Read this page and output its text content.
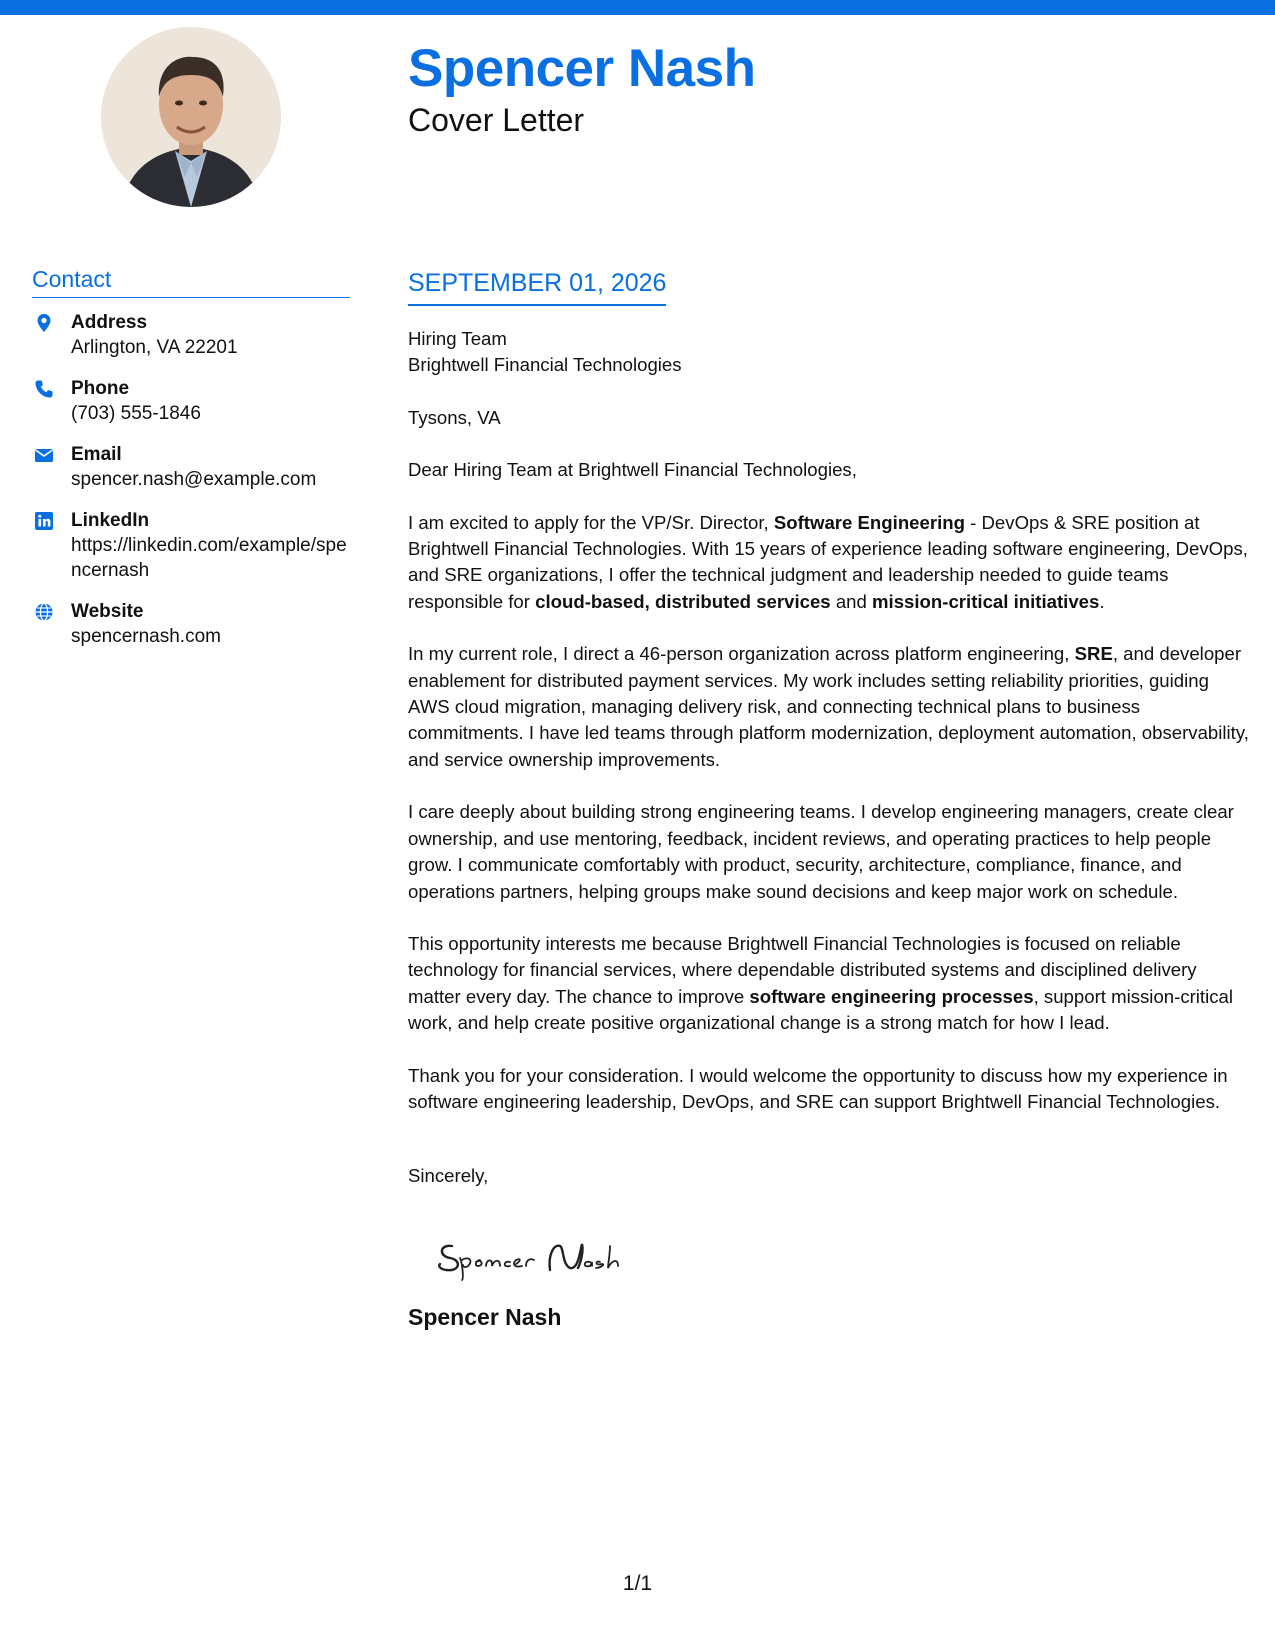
Spencer Nash
Cover Letter
Contact
Address
Arlington, VA 22201
Phone
(703) 555-1846
Email
spencer.nash@example.com
LinkedIn
https://linkedin.com/example/spencernash
Website
spencernash.com
SEPTEMBER 01, 2026

Hiring Team

Brightwell Financial Technologies

Tysons, VA

Dear Hiring Team at Brightwell Financial Technologies,

I am excited to apply for the VP/Sr. Director, Software Engineering - DevOps & SRE position at Brightwell Financial Technologies. With 15 years of experience leading software engineering, DevOps, and SRE organizations, I offer the technical judgment and leadership needed to guide teams responsible for cloud-based, distributed services and mission-critical initiatives.

In my current role, I direct a 46-person organization across platform engineering, SRE, and developer enablement for distributed payment services. My work includes setting reliability priorities, guiding AWS cloud migration, managing delivery risk, and connecting technical plans to business commitments. I have led teams through platform modernization, deployment automation, observability, and service ownership improvements.

I care deeply about building strong engineering teams. I develop engineering managers, create clear ownership, and use mentoring, feedback, incident reviews, and operating practices to help people grow. I communicate comfortably with product, security, architecture, compliance, finance, and operations partners, helping groups make sound decisions and keep major work on schedule.

This opportunity interests me because Brightwell Financial Technologies is focused on reliable technology for financial services, where dependable distributed systems and disciplined delivery matter every day. The chance to improve software engineering processes, support mission-critical work, and help create positive organizational change is a strong match for how I lead.

Thank you for your consideration. I would welcome the opportunity to discuss how my experience in software engineering leadership, DevOps, and SRE can support Brightwell Financial Technologies.

Sincerely,

Spencer Nash
1/1
